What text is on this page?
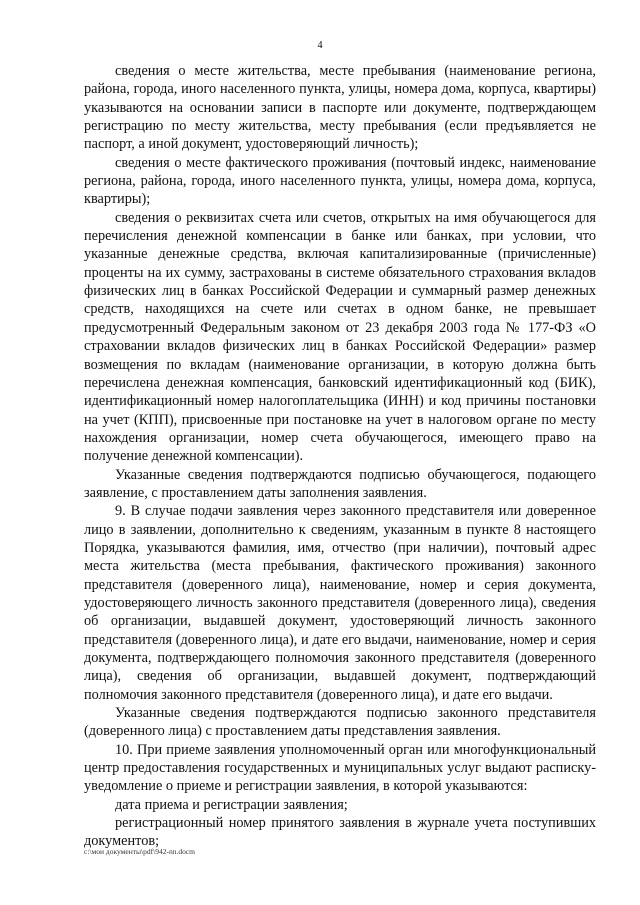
4

сведения о месте жительства, месте пребывания (наименование региона, района, города, иного населенного пункта, улицы, номера дома, корпуса, квартиры) указываются на основании записи в паспорте или документе, подтверждающем регистрацию по месту жительства, месту пребывания (если предъявляется не паспорт, а иной документ, удостоверяющий личность);

сведения о месте фактического проживания (почтовый индекс, наименование региона, района, города, иного населенного пункта, улицы, номера дома, корпуса, квартиры);

сведения о реквизитах счета или счетов, открытых на имя обучающегося для перечисления денежной компенсации в банке или банках, при условии, что указанные денежные средства, включая капитализированные (причисленные) проценты на их сумму, застрахованы в системе обязательного страхования вкладов физических лиц в банках Российской Федерации и суммарный размер денежных средств, находящихся на счете или счетах в одном банке, не превышает предусмотренный Федеральным законом от 23 декабря 2003 года № 177-ФЗ «О страховании вкладов физических лиц в банках Российской Федерации» размер возмещения по вкладам (наименование организации, в которую должна быть перечислена денежная компенсация, банковский идентификационный код (БИК), идентификационный номер налогоплательщика (ИНН) и код причины постановки на учет (КПП), присвоенные при постановке на учет в налоговом органе по месту нахождения организации, номер счета обучающегося, имеющего право на получение денежной компенсации).

Указанные сведения подтверждаются подписью обучающегося, подающего заявление, с проставлением даты заполнения заявления.

9. В случае подачи заявления через законного представителя или доверенное лицо в заявлении, дополнительно к сведениям, указанным в пункте 8 настоящего Порядка, указываются фамилия, имя, отчество (при наличии), почтовый адрес места жительства (места пребывания, фактического проживания) законного представителя (доверенного лица), наименование, номер и серия документа, удостоверяющего личность законного представителя (доверенного лица), сведения об организации, выдавшей документ, удостоверяющий личность законного представителя (доверенного лица), и дате его выдачи, наименование, номер и серия документа, подтверждающего полномочия законного представителя (доверенного лица), сведения об организации, выдавшей документ, подтверждающий полномочия законного представителя (доверенного лица), и дате его выдачи.

Указанные сведения подтверждаются подписью законного представителя (доверенного лица) с проставлением даты представления заявления.

10. При приеме заявления уполномоченный орган или многофункциональный центр предоставления государственных и муниципальных услуг выдают расписку-уведомление о приеме и регистрации заявления, в которой указываются:

дата приема и регистрации заявления;

регистрационный номер принятого заявления в журнале учета поступивших документов;

c:\мои документы\pdf\942-nn.docm
